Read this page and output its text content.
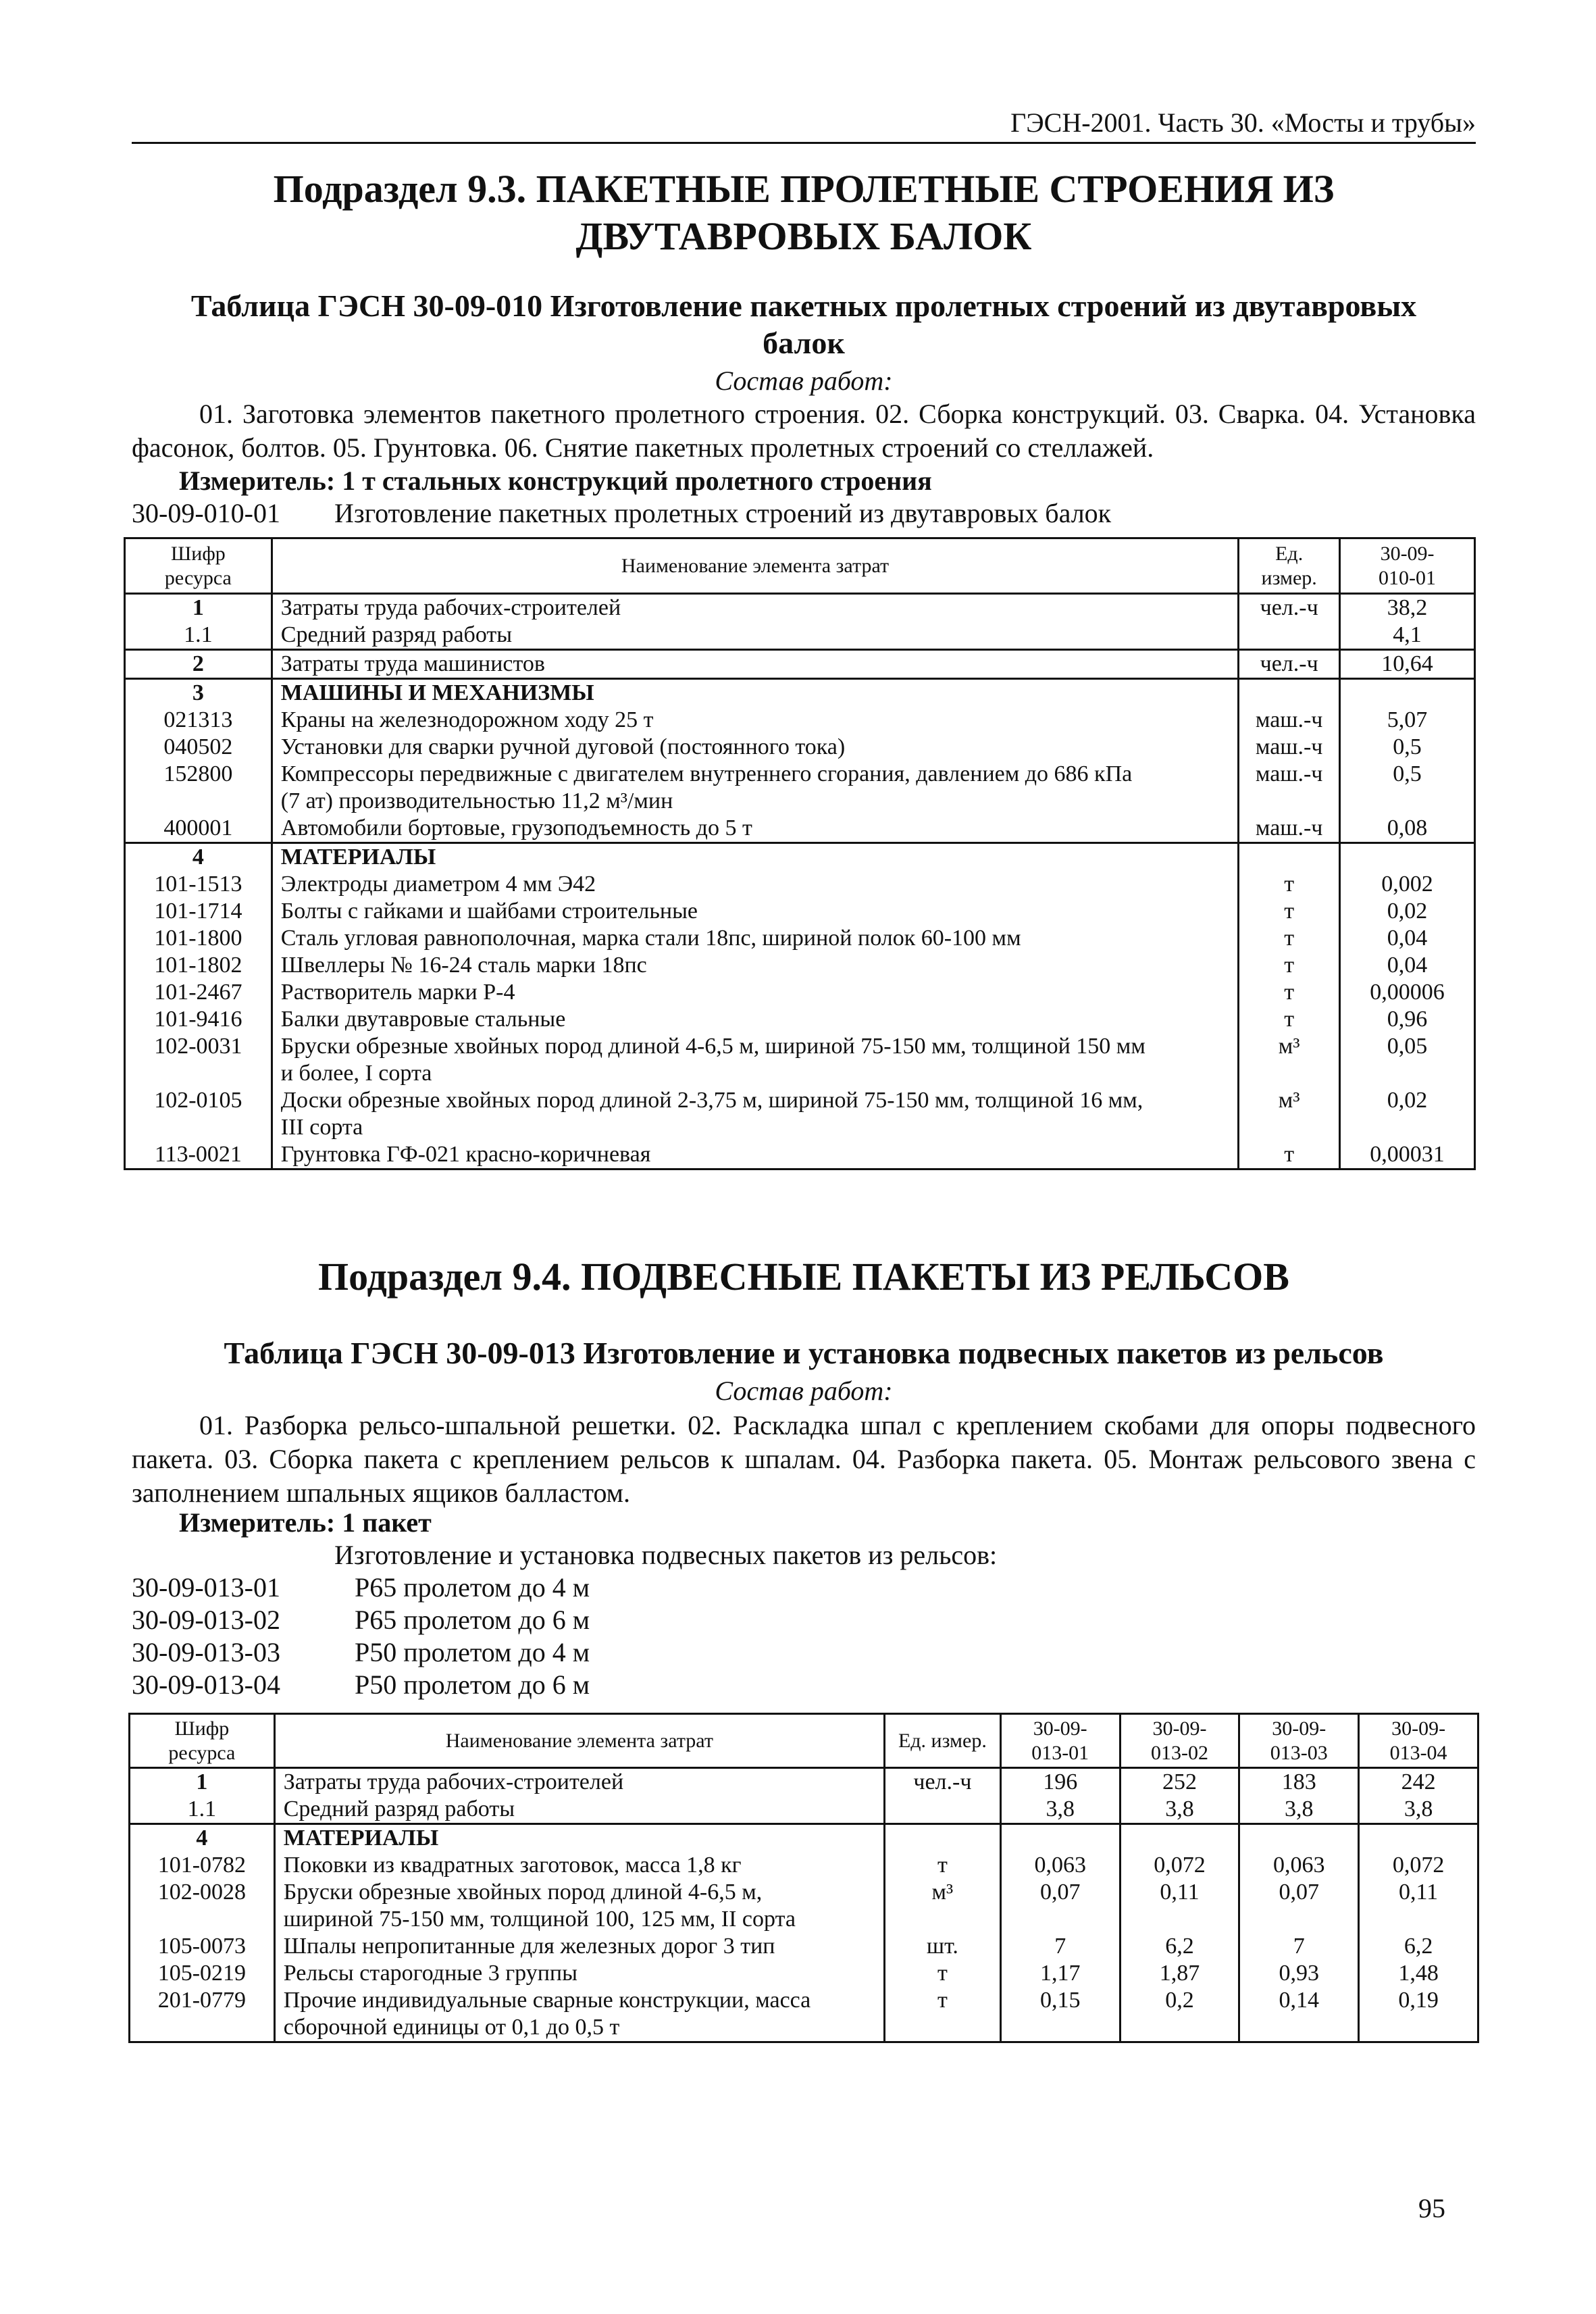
ГЭСН-2001. Часть 30. «Мосты и трубы»
Подраздел 9.3. ПАКЕТНЫЕ ПРОЛЕТНЫЕ СТРОЕНИЯ ИЗ
ДВУТАВРОВЫХ БАЛОК
Таблица ГЭСН 30-09-010 Изготовление пакетных пролетных строений из двутавровых
балок
Состав работ:
01. Заготовка элементов пакетного пролетного строения. 02. Сборка конструкций. 03. Сварка. 04. Установка фасонок, болтов. 05. Грунтовка. 06. Снятие пакетных пролетных строений со стеллажей.
Измеритель: 1 т стальных конструкций пролетного строения
30-09-010-01 Изготовление пакетных пролетных строений из двутавровых балок
Шифр
ресурса	Наименование элемента затрат	Ед. измер.	30-09-
010-01
1	Затраты труда рабочих-строителей	чел.-ч	38,2
1.1	Средний разряд работы		4,1
2	Затраты труда машинистов	чел.-ч	10,64
3	МАШИНЫ И МЕХАНИЗМЫ		
021313	Краны на железнодорожном ходу 25 т	маш.-ч	5,07
040502	Установки для сварки ручной дуговой (постоянного тока)	маш.-ч	0,5
152800	Компрессоры передвижные с двигателем внутреннего сгорания, давлением до 686 кПа
(7 ат) производительностью 11,2 м³/мин	маш.-ч	0,5
400001	Автомобили бортовые, грузоподъемность до 5 т	маш.-ч	0,08
4	МАТЕРИАЛЫ		
101-1513	Электроды диаметром 4 мм Э42	т	0,002
101-1714	Болты с гайками и шайбами строительные	т	0,02
101-1800	Сталь угловая равнополочная, марка стали 18пс, шириной полок 60-100 мм	т	0,04
101-1802	Швеллеры № 16-24 сталь марки 18пс	т	0,04
101-2467	Растворитель марки Р-4	т	0,00006
101-9416	Балки двутавровые стальные	т	0,96
102-0031	Бруски обрезные хвойных пород длиной 4-6,5 м, шириной 75-150 мм, толщиной 150 мм
и более, I сорта	м³	0,05
102-0105	Доски обрезные хвойных пород длиной 2-3,75 м, шириной 75-150 мм, толщиной 16 мм,
III сорта	м³	0,02
113-0021	Грунтовка ГФ-021 красно-коричневая	т	0,00031
Подраздел 9.4. ПОДВЕСНЫЕ ПАКЕТЫ ИЗ РЕЛЬСОВ
Таблица ГЭСН 30-09-013 Изготовление и установка подвесных пакетов из рельсов
Состав работ:
01. Разборка рельсо-шпальной решетки. 02. Раскладка шпал с креплением скобами для опоры подвесного пакета. 03. Сборка пакета с креплением рельсов к шпалам. 04. Разборка пакета. 05. Монтаж рельсового звена с заполнением шпальных ящиков балластом.
Измеритель: 1 пакет
Изготовление и установка подвесных пакетов из рельсов:
30-09-013-01	Р65 пролетом до 4 м
30-09-013-02	Р65 пролетом до 6 м
30-09-013-03	Р50 пролетом до 4 м
30-09-013-04	Р50 пролетом до 6 м
Шифр
ресурса	Наименование элемента затрат	Ед. измер.	30-09-
013-01	30-09-
013-02	30-09-
013-03	30-09-
013-04
1	Затраты труда рабочих-строителей	чел.-ч	196	252	183	242
1.1	Средний разряд работы		3,8	3,8	3,8	3,8
4	МАТЕРИАЛЫ					
101-0782	Поковки из квадратных заготовок, масса 1,8 кг	т	0,063	0,072	0,063	0,072
102-0028	Бруски обрезные хвойных пород длиной 4-6,5 м,
шириной 75-150 мм, толщиной 100, 125 мм, II сорта	м³	0,07	0,11	0,07	0,11
105-0073	Шпалы непропитанные для железных дорог 3 тип	шт.	7	6,2	7	6,2
105-0219	Рельсы старогодные 3 группы	т	1,17	1,87	0,93	1,48
201-0779	Прочие индивидуальные сварные конструкции, масса
сборочной единицы от 0,1 до 0,5 т	т	0,15	0,2	0,14	0,19
95
